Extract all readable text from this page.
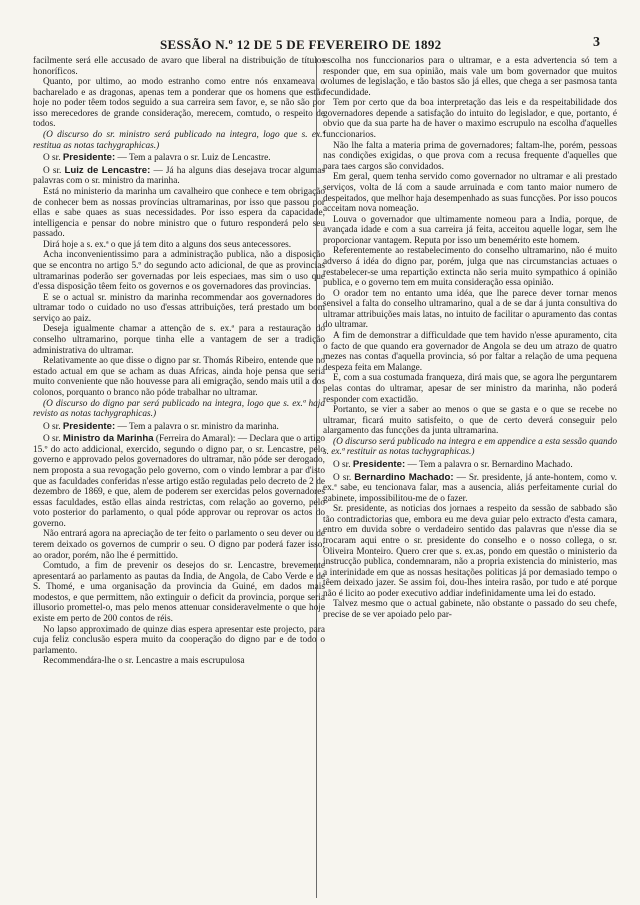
SESSÃO N.º 12 DE 5 DE FEVEREIRO DE 1892	3

facilmente será elle accusado de avaro que liberal na distribuição de títulos honoríficos.

Quanto, por ultimo, ao modo estranho como entre nós enxameava o bacharelado e as dragonas, apenas tem a ponderar que os homens que estão hoje no poder têem todos seguido a sua carreira sem favor, e, se não são por isso merecedores de grande consideração, merecem, comtudo, o respeito de todos.

(O discurso do sr. ministro será publicado na integra, logo que s. ex.ª restitua as notas tachygraphicas.)

O sr. Presidente: — Tem a palavra o sr. Luiz de Lencastre.

O sr. Luiz de Lencastre: — Já ha alguns dias desejava trocar algumas palavras com o sr. ministro da marinha.

Está no ministerio da marinha um cavalheiro que conhece e tem obrigação de conhecer bem as nossas províncias ultramarinas, por isso que passou por ellas e sabe quaes as suas necessidades. Por isso espera da capacidade, intelligencia e pensar do nobre ministro que o futuro responderá pelo seu passado.

Dirá hoje a s. ex.ª o que já tem dito a alguns dos seus antecessores.

Acha inconvenientissimo para a administração publica, não a disposição que se encontra no artigo 5.º do segundo acto adicional, de que as provincias ultramarinas poderão ser governadas por leis especiaes, mas sim o uso que d'essa disposição têem feito os governos e os governadores das provincias.

E se o actual sr. ministro da marinha recommendar aos governadores do ultramar todo o cuidado no uso d'essas attribuições, terá prestado um bom serviço ao paiz.

Deseja igualmente chamar a attenção de s. ex.ª para a restauração do conselho ultramarino, porque tinha elle a vantagem de ser a tradição administrativa do ultramar.

Relativamente ao que disse o digno par sr. Thomás Ribeiro, entende que no estado actual em que se acham as duas Africas, ainda hoje pensa que seria muito conveniente que não houvesse para ali emigração, sendo mais util a dos colonos, porquanto o branco não póde trabalhar no ultramar.

(O discurso do digno par será publicado na integra, logo que s. ex.ª haja revisto as notas tachygraphicas.)

O sr. Presidente: — Tem a palavra o sr. ministro da marinha.

O sr. Ministro da Marinha (Ferreira do Amaral): — Declara que o artigo 15.º do acto addicional, exercido, segundo o digno par, o sr. Lencastre, pelo governo e approvado pelos governadores do ultramar, não póde ser derogado, nem proposta a sua revogação pelo governo, com o vindo lembrar a par d'isto que as faculdades conferidas n'esse artigo estão reguladas pelo decreto de 2 de dezembro de 1869, e que, alem de poderem ser exercidas pelos governadores essas faculdades, estão ellas ainda restrictas, com relação ao governo, pelo voto posterior do parlamento, o qual póde approvar ou reprovar os actos do governo.

Não entrará agora na apreciação de ter feito o parlamento o seu dever ou de terem deixado os governos de cumprir o seu. O digno par poderá fazer isso; ao orador, porém, não lhe é permittido.

Comtudo, a fim de prevenir os desejos do sr. Lencastre, brevemente apresentará ao parlamento as pautas da India, de Angola, de Cabo Verde e de S. Thomé, e uma organisação da provincia da Guiné, em dados mais modestos, e que permittem, não extinguir o deficit da provincia, porque seria illusorio promettel-o, mas pelo menos attenuar consideravelmente o que hoje existe em perto de 200 contos de réis.

No lapso approximado de quinze dias espera apresentar este projecto, para cuja feliz conclusão espera muito da cooperação do digno par e de todo o parlamento.

Recommendára-lhe o sr. Lencastre a mais escrupulosa

escolha nos funccionarios para o ultramar, e a esta advertencia só tem a responder que, em sua opinião, mais vale um bom governador que muitos volumes de legislação, e tão bastos são já elles, que chega a ser pasmosa tanta fecundidade.

Tem por certo que da boa interpretação das leis e da respeitabilidade dos governadores depende a satisfação do intuito do legislador, e que, portanto, é obvio que da sua parte ha de haver o maximo escrupulo na escolha d'aquelles funccionarios.

Não lhe falta a materia prima de governadores; faltam-lhe, porém, pessoas nas condições exigidas, o que prova com a recusa frequente d'aquelles que para taes cargos são convidados.

Em geral, quem tenha servido como governador no ultramar e ali prestado serviços, volta de lá com a saude arruinada e com tanto maior numero de despeitados, que melhor haja desempenhado as suas funcções. Por isso poucos acceitam nova nomeação.

Louva o governador que ultimamente nomeou para a India, porque, de avançada idade e com a sua carreira já feita, acceitou aquelle logar, sem lhe proporcionar vantagem. Reputa por isso um benemérito este homem.

Referentemente ao restabelecimento do conselho ultramarino, não é muito adverso á idéa do digno par, porém, julga que nas circumstancias actuaes o restabelecer-se uma repartição extincta não seria muito sympathico á opinião publica, e o governo tem em muita consideração essa opinião.

O orador tem no entanto uma idéa, que lhe parece dever tornar menos sensivel a falta do conselho ultramarino, qual a de se dar á junta consultiva do ultramar attribuições mais latas, no intuito de facilitar o apuramento das contas do ultramar.

A fim de demonstrar a difficuldade que tem havido n'esse apuramento, cita o facto de que quando era governador de Angola se deu um atrazo de quatro mezes nas contas d'aquella provincia, só por faltar a relação de uma pequena despeza feita em Malange.

E, com a sua costumada franqueza, dirá mais que, se agora lhe perguntarem pelas contas do ultramar, apesar de ser ministro da marinha, não poderá responder com exactidão.

Portanto, se vier a saber ao menos o que se gasta e o que se recebe no ultramar, ficará muito satisfeito, o que de certo deverá conseguir pelo alargamento das funcções da junta ultramarina.

(O discurso será publicado na integra e em appendice a esta sessão quando s. ex.ª restituir as notas tachygraphicas.)

O sr. Presidente: — Tem a palavra o sr. Bernardino Machado.

O sr. Bernardino Machado: — Sr. presidente, já ante-hontem, como v. ex.ª sabe, eu tencionava falar, mas a ausencia, aliás perfeitamente curial do gabinete, impossibilitou-me de o fazer.

Sr. presidente, as noticias dos jornaes a respeito da sessão de sabbado são tão contradictorias que, embora eu me deva guiar pelo extracto d'esta camara, entro em duvida sobre o verdadeiro sentido das palavras que n'esse dia se trocaram aqui entre o sr. presidente do conselho e o nosso collega, o sr. Oliveira Monteiro. Quero crer que s. ex.as, pondo em questão o ministerio da instrucção publica, condemnaram, não a propria existencia do ministerio, mas a interinidade em que as nossas hesitações politicas já por demasiado tempo o têem deixado jazer. Se assim foi, dou-lhes inteira rasão, por tudo e até porque não é licito ao poder executivo addiar indefinidamente uma lei do estado.

Talvez mesmo que o actual gabinete, não obstante o passado do seu chefe, precise de se ver apoiado pelo par-
